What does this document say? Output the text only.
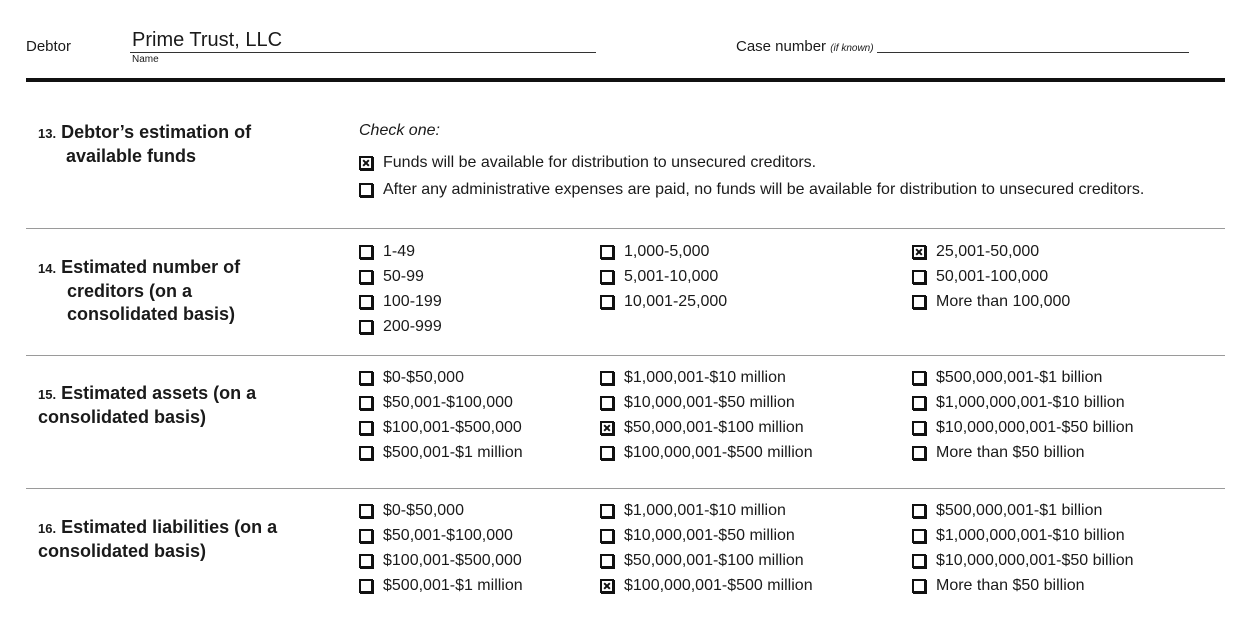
Debtor	Prime Trust, LLC
Name
Case number (if known)
13. Debtor’s estimation of
available funds
Check one:
Funds will be available for distribution to unsecured creditors.
After any administrative expenses are paid, no funds will be available for distribution to unsecured creditors.
14. Estimated number of
creditors (on a
consolidated basis)
1-49
50-99
100-199
200-999
1,000-5,000
5,001-10,000
10,001-25,000
25,001-50,000
50,001-100,000
More than 100,000
15. Estimated assets (on a
consolidated basis)
$0-$50,000
$50,001-$100,000
$100,001-$500,000
$500,001-$1 million
$1,000,001-$10 million
$10,000,001-$50 million
$50,000,001-$100 million
$100,000,001-$500 million
$500,000,001-$1 billion
$1,000,000,001-$10 billion
$10,000,000,001-$50 billion
More than $50 billion
16. Estimated liabilities (on a
consolidated basis)
$0-$50,000
$50,001-$100,000
$100,001-$500,000
$500,001-$1 million
$1,000,001-$10 million
$10,000,001-$50 million
$50,000,001-$100 million
$100,000,001-$500 million
$500,000,001-$1 billion
$1,000,000,001-$10 billion
$10,000,000,001-$50 billion
More than $50 billion
